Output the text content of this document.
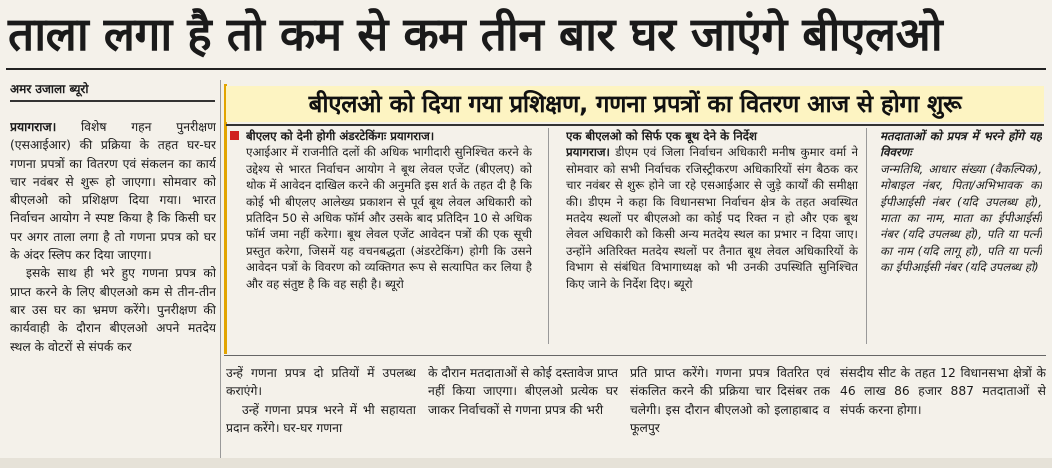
ताला लगा है तो कम से कम तीन बार घर जाएंगे बीएलओ
अमर उजाला ब्यूरो

प्रयागराज। विशेष गहन पुनरीक्षण (एसआईआर) की प्रक्रिया के तहत घर-घर गणना प्रपत्रों का वितरण एवं संकलन का कार्य चार नवंबर से शुरू हो जाएगा। सोमवार को बीएलओ को प्रशिक्षण दिया गया। भारत निर्वाचन आयोग ने स्पष्ट किया है कि किसी घर पर अगर ताला लगा है तो गणना प्रपत्र को घर के अंदर स्लिप कर दिया जाएगा।

इसके साथ ही भरे हुए गणना प्रपत्र को प्राप्त करने के लिए बीएलओ कम से तीन-तीन बार उस घर का भ्रमण करेंगे। पुनरीक्षण की कार्यवाही के दौरान बीएलओ अपने मतदेय स्थल के वोटरों से संपर्क कर

बीएलओ को दिया गया प्रशिक्षण, गणना प्रपत्रों का वितरण आज से होगा शुरू

बीएलए को देनी होगी अंडरटेकिंगः प्रयागराज।

एआईआर में राजनीति दलों की अधिक भागीदारी सुनिश्चित करने के उद्देश्य से भारत निर्वाचन आयोग ने बूथ लेवल एजेंट (बीएलए) को थोक में आवेदन दाखिल करने की अनुमति इस शर्त के तहत दी है कि कोई भी बीएलए आलेख्य प्रकाशन से पूर्व बूथ लेवल अधिकारी को प्रतिदिन 50 से अधिक फॉर्म और उसके बाद प्रतिदिन 10 से अधिक फॉर्म जमा नहीं करेगा। बूथ लेवल एजेंट आवेदन पत्रों की एक सूची प्रस्तुत करेगा, जिसमें यह वचनबद्धता (अंडरटेकिंग) होगी कि उसने आवेदन पत्रों के विवरण को व्यक्तिगत रूप से सत्यापित कर लिया है और वह संतुष्ट है कि वह सही है। ब्यूरो

एक बीएलओ को सिर्फ एक बूथ देने के निर्देश

प्रयागराज। डीएम एवं जिला निर्वाचन अधिकारी मनीष कुमार वर्मा ने सोमवार को सभी निर्वाचक रजिस्ट्रीकरण अधिकारियों संग बैठक कर चार नवंबर से शुरू होने जा रहे एसआईआर से जुड़े कार्यों की समीक्षा की। डीएम ने कहा कि विधानसभा निर्वाचन क्षेत्र के तहत अवस्थित मतदेय स्थलों पर बीएलओ का कोई पद रिक्त न हो और एक बूथ लेवल अधिकारी को किसी अन्य मतदेय स्थल का प्रभार न दिया जाए। उन्होंने अतिरिक्त मतदेय स्थलों पर तैनात बूथ लेवल अधिकारियों के विभाग से संबंधित विभागाध्यक्ष को भी उनकी उपस्थिति सुनिश्चित किए जाने के निर्देश दिए। ब्यूरो

मतदाताओं को प्रपत्र में भरने होंगे यह विवरणः

जन्मतिथि, आधार संख्या (वैकल्पिक), मोबाइल नंबर, पिता/अभिभावक का ईपीआईसी नंबर (यदि उपलब्ध हो), माता का नाम, माता का ईपीआईसी नंबर (यदि उपलब्ध हो), पति या पत्नी का नाम (यदि लागू हो), पति या पत्नी का ईपीआईसी नंबर (यदि उपलब्ध हो)

उन्हें गणना प्रपत्र दो प्रतियों में उपलब्ध कराएंगे।

उन्हें गणना प्रपत्र भरने में भी सहायता प्रदान करेंगे। घर-घर गणना

के दौरान मतदाताओं से कोई दस्तावेज प्राप्त नहीं किया जाएगा। बीएलओ प्रत्येक घर जाकर निर्वाचकों से गणना प्रपत्र की भरी

प्रति प्राप्त करेंगे। गणना प्रपत्र वितरित एवं संकलित करने की प्रक्रिया चार दिसंबर तक चलेगी। इस दौरान बीएलओ को इलाहाबाद व फूलपुर

संसदीय सीट के तहत 12 विधानसभा क्षेत्रों के 46 लाख 86 हजार 887 मतदाताओं से संपर्क करना होगा।
